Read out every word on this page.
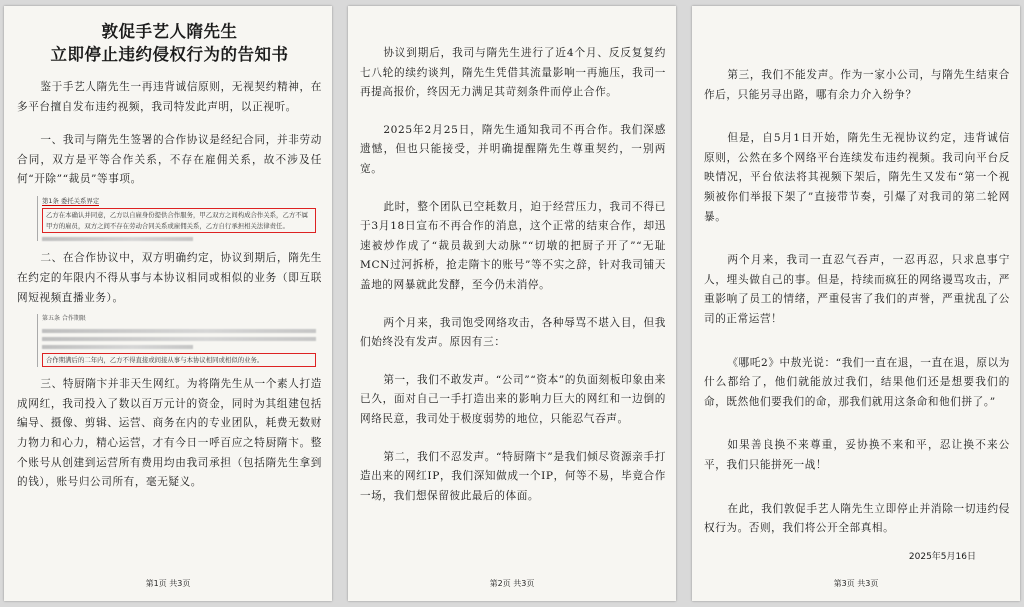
敦促手艺人隋先生
立即停止违约侵权行为的告知书

鉴于手艺人隋先生一再违背诚信原则，无视契约精神，在多平台擅自发布违约视频，我司特发此声明，以正视听。

一、我司与隋先生签署的合作协议是经纪合同，并非劳动合同，双方是平等合作关系，不存在雇佣关系，故不涉及任何“开除”“裁员”等事项。

第1条 委托关系界定
乙方在本确认并同意，乙方以自雇身份提供合作服务，甲乙双方之间构成合作关系，乙方不属甲方的雇员，双方之间不存在劳动合同关系或雇佣关系，乙方自行承担相关法律责任。

二、在合作协议中，双方明确约定，协议到期后，隋先生在约定的年限内不得从事与本协议相同或相似的业务（即互联网短视频直播业务）。

第五条 合作期限
合作期满后的二年内，乙方不得直接或间接从事与本协议相同或相似的业务。

三、特厨隋卞并非天生网红。为将隋先生从一个素人打造成网红，我司投入了数以百万元计的资金，同时为其组建包括编导、摄像、剪辑、运营、商务在内的专业团队，耗费无数财力物力和心力，精心运营，才有今日一呼百应之特厨隋卞。整个账号从创建到运营所有费用均由我司承担（包括隋先生拿到的钱），账号归公司所有，毫无疑义。

第1页 共3页

协议到期后，我司与隋先生进行了近4个月、反反复复约七八轮的续约谈判，隋先生凭借其流量影响一再施压，我司一再提高报价，终因无力满足其苛刻条件而停止合作。

2025年2月25日，隋先生通知我司不再合作。我们深感遗憾，但也只能接受，并明确提醒隋先生尊重契约，一别两宽。

此时，整个团队已空耗数月，迫于经营压力，我司不得已于3月18日宣布不再合作的消息，这个正常的结束合作，却迅速被炒作成了“裁员裁到大动脉”“切墩的把厨子开了”“无耻MCN过河拆桥，抢走隋卞的账号”等不实之辞，针对我司铺天盖地的网暴就此发酵，至今仍未消停。

两个月来，我司饱受网络攻击，各种辱骂不堪入目，但我们始终没有发声。原因有三：

第一，我们不敢发声。“公司”“资本”的负面刻板印象由来已久，面对自己一手打造出来的影响力巨大的网红和一边倒的网络民意，我司处于极度弱势的地位，只能忍气吞声。

第二，我们不忍发声。“特厨隋卞”是我们倾尽资源亲手打造出来的网红IP，我们深知做成一个IP，何等不易，毕竟合作一场，我们想保留彼此最后的体面。

第2页 共3页

第三，我们不能发声。作为一家小公司，与隋先生结束合作后，只能另寻出路，哪有余力介入纷争？

但是，自5月1日开始，隋先生无视协议约定，违背诚信原则，公然在多个网络平台连续发布违约视频。我司向平台反映情况，平台依法将其视频下架后，隋先生又发布“第一个视频被你们举报下架了”直接带节奏，引爆了对我司的第二轮网暴。

两个月来，我司一直忍气吞声，一忍再忍，只求息事宁人，埋头做自己的事。但是，持续而疯狂的网络谩骂攻击，严重影响了员工的情绪，严重侵害了我们的声誉，严重扰乱了公司的正常运营！

《哪吒2》中敖光说：“我们一直在退，一直在退，原以为什么都给了，他们就能放过我们，结果他们还是想要我们的命，既然他们要我们的命，那我们就用这条命和他们拼了。”

如果善良换不来尊重，妥协换不来和平，忍让换不来公平，我们只能拼死一战！

在此，我们敦促手艺人隋先生立即停止并消除一切违约侵权行为。否则，我们将公开全部真相。

2025年5月16日
第3页 共3页
